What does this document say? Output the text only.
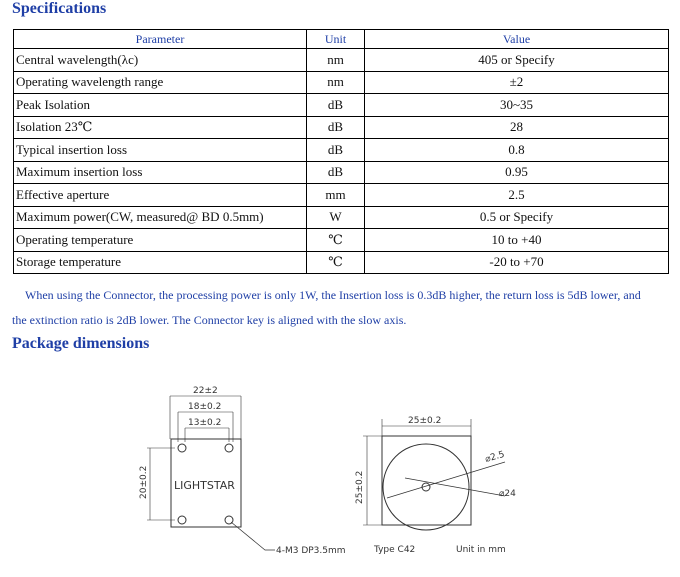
Specifications
Parameter	Unit	Value
Central wavelength(λc)	nm	405 or Specify
Operating wavelength range	nm	±2
Peak Isolation	dB	30~35
Isolation 23℃	dB	28
Typical insertion loss	dB	0.8
Maximum insertion loss	dB	0.95
Effective aperture	mm	2.5
Maximum power(CW, measured@ BD 0.5mm)	W	0.5 or Specify
Operating temperature	℃	10 to +40
Storage temperature	℃	-20 to +70
When using the Connector, the processing power is only 1W, the Insertion loss is 0.3dB higher, the return loss is 5dB lower, and
the extinction ratio is 2dB lower. The Connector key is aligned with the slow axis.
Package dimensions
LIGHTSTAR
22±2
18±0.2
13±0.2
20±0.2
4-M3 DP3.5mm
25±0.2
25±0.2
⌀2.5
⌀24
Type C42	Unit in mm
